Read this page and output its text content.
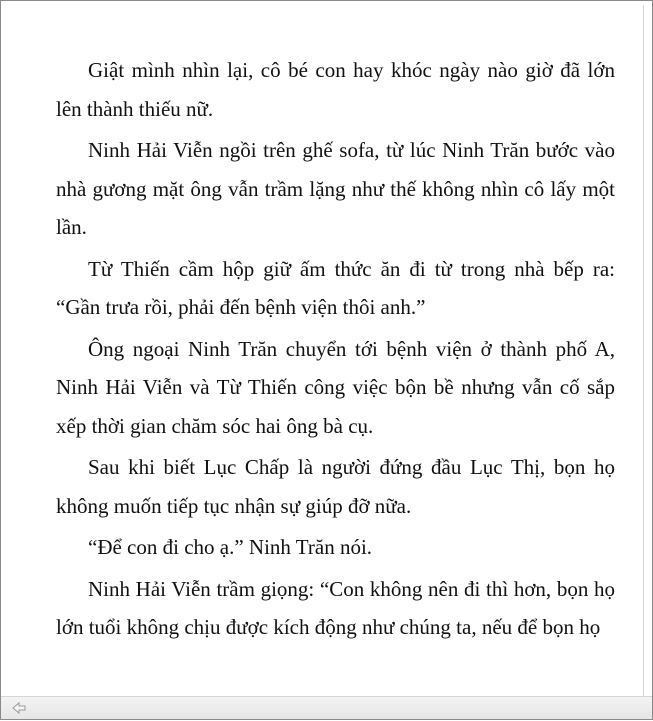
Giật mình nhìn lại, cô bé con hay khóc ngày nào giờ đã lớn lên thành thiếu nữ.

Ninh Hải Viễn ngồi trên ghế sofa, từ lúc Ninh Trăn bước vào nhà gương mặt ông vẫn trầm lặng như thế không nhìn cô lấy một lần.

Từ Thiến cầm hộp giữ ấm thức ăn đi từ trong nhà bếp ra: “Gần trưa rồi, phải đến bệnh viện thôi anh.”

Ông ngoại Ninh Trăn chuyển tới bệnh viện ở thành phố A, Ninh Hải Viễn và Từ Thiến công việc bộn bề nhưng vẫn cố sắp xếp thời gian chăm sóc hai ông bà cụ.

Sau khi biết Lục Chấp là người đứng đầu Lục Thị, bọn họ không muốn tiếp tục nhận sự giúp đỡ nữa.

“Để con đi cho ạ.” Ninh Trăn nói.

Ninh Hải Viễn trầm giọng: “Con không nên đi thì hơn, bọn họ lớn tuổi không chịu được kích động như chúng ta, nếu để bọn họ
